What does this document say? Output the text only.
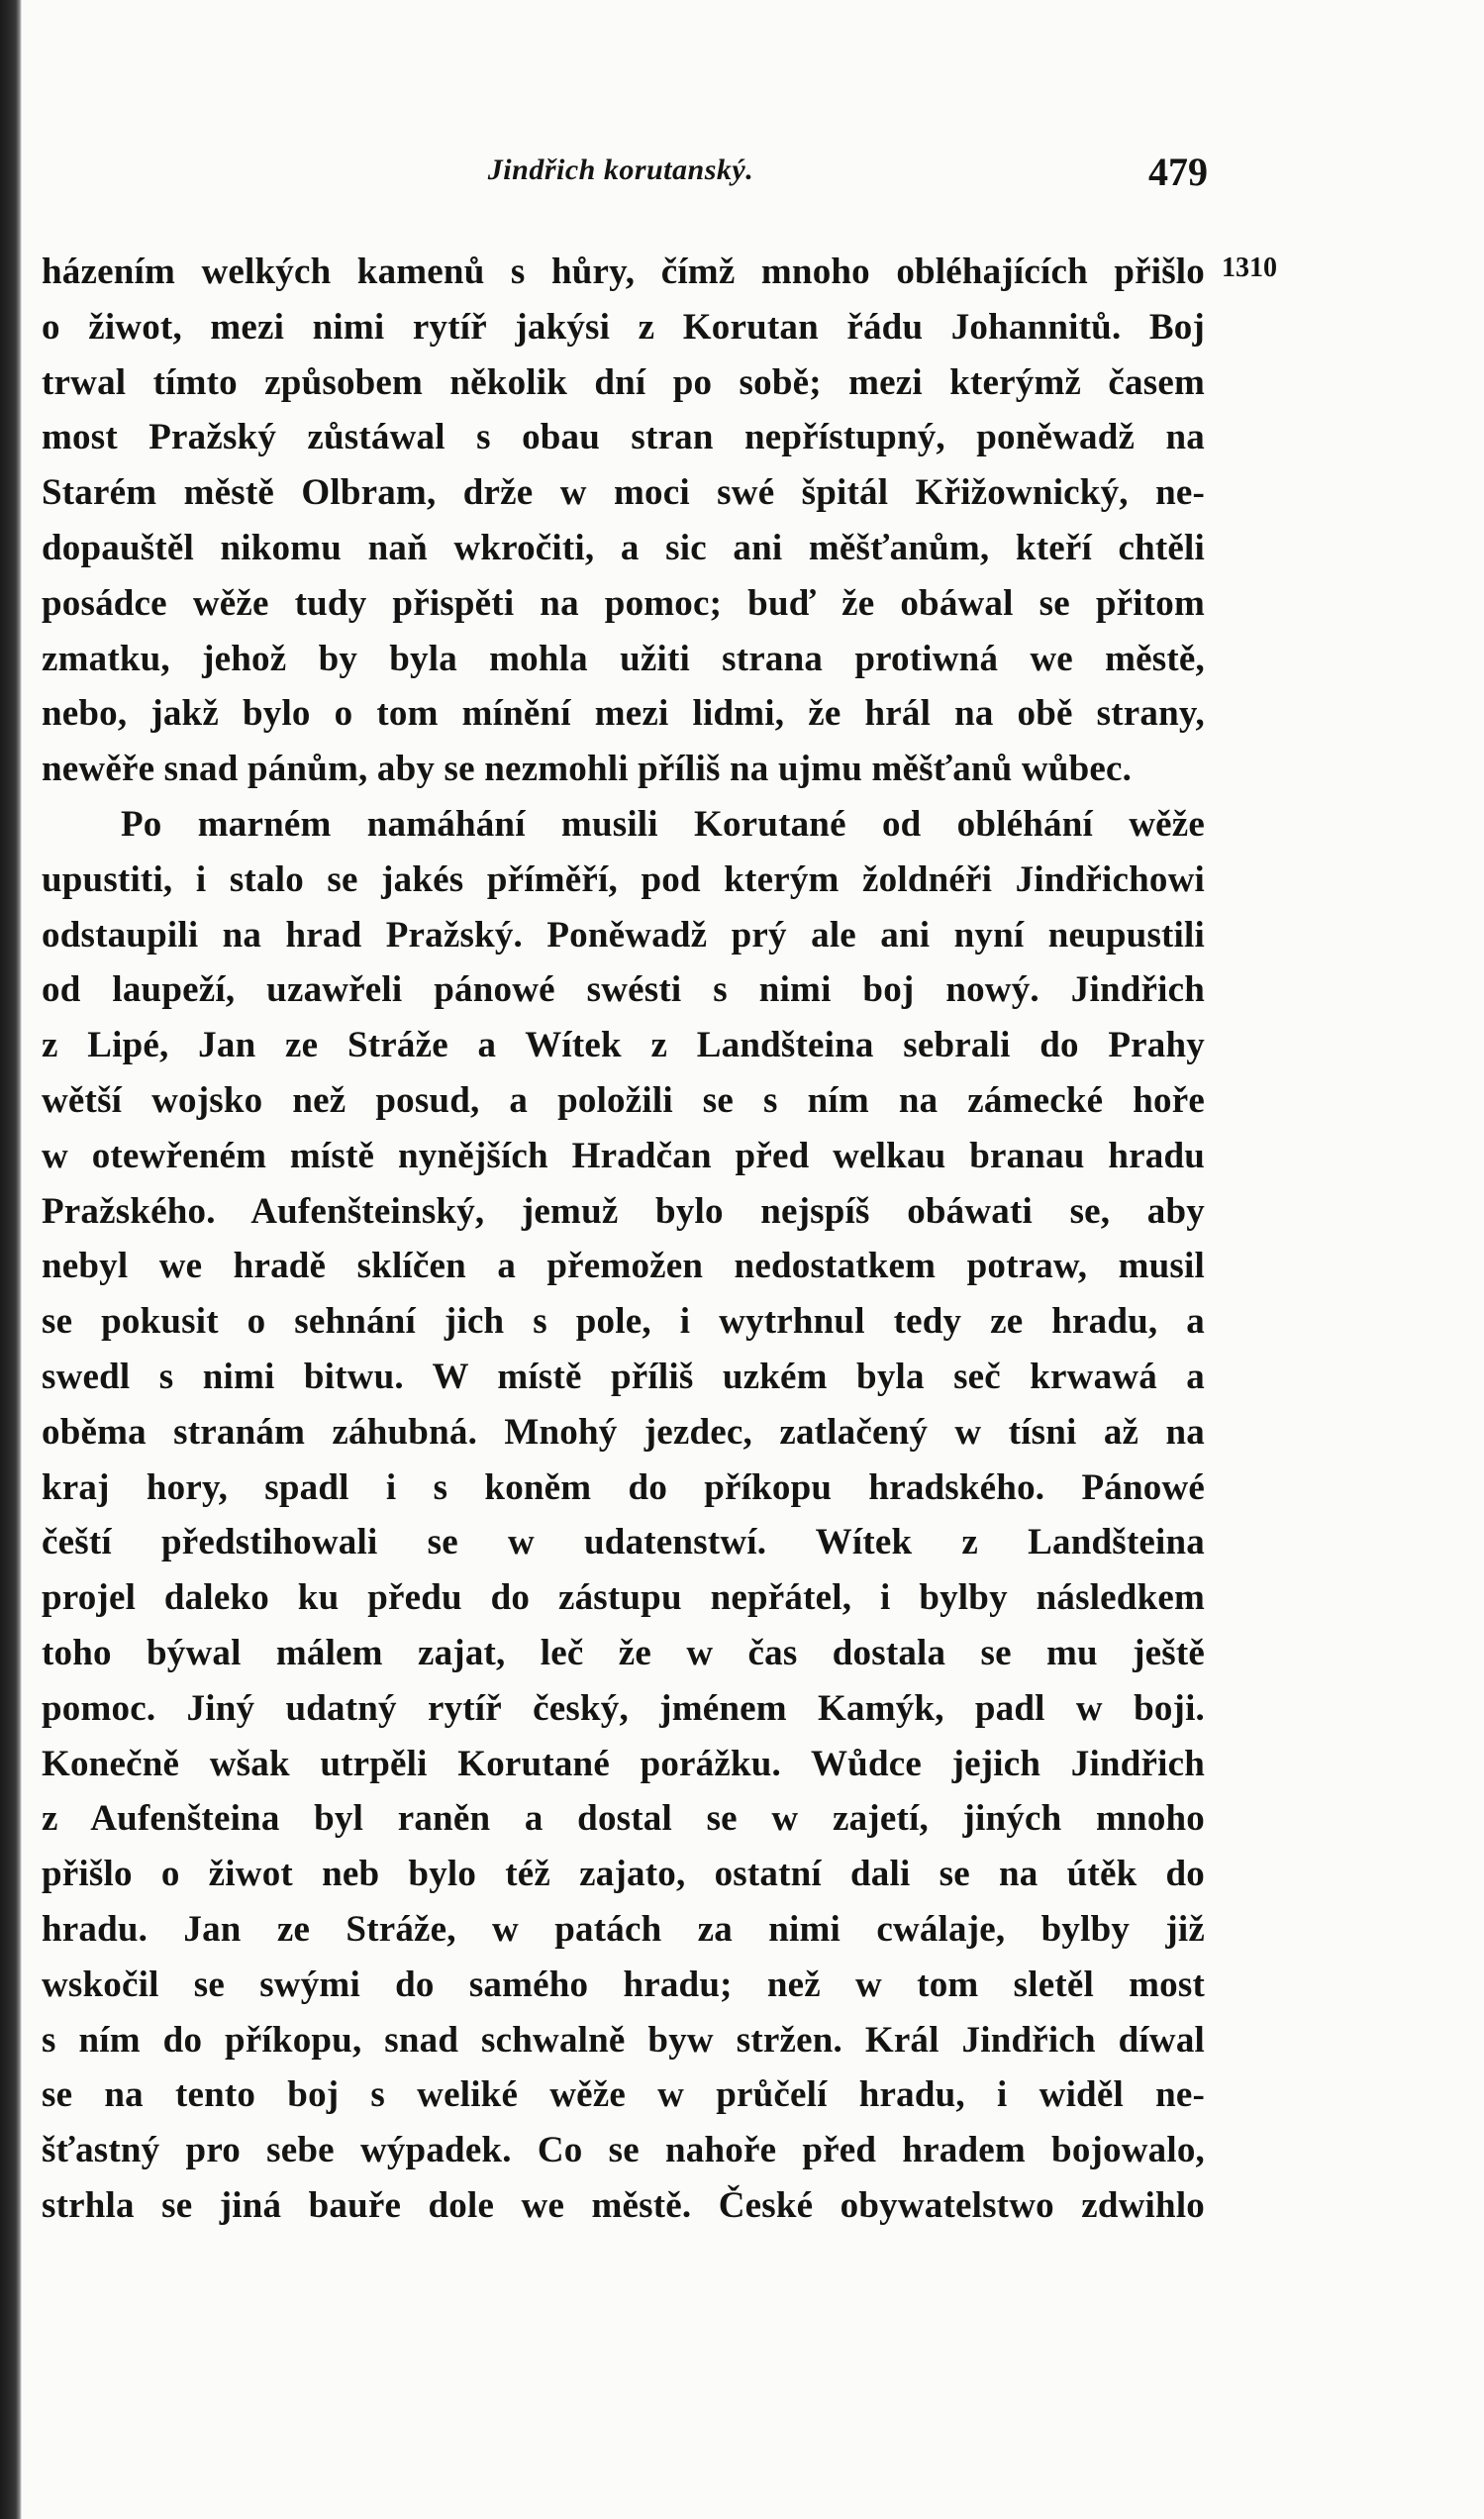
Jindřich korutanský.	479
1310
házením welkých kamenů s hůry, čímž mnoho obléhajících přišlo
o žiwot, mezi nimi rytíř jakýsi z Korutan řádu Johannitů. Boj
trwal tímto způsobem několik dní po sobě; mezi kterýmž časem
most Pražský zůstáwal s obau stran nepřístupný, poněwadž na
Starém městě Olbram, drže w moci swé špitál Křižownický, ne-
dopauštěl nikomu naň wkročiti, a sic ani měšťanům, kteří chtěli
posádce wěže tudy přispěti na pomoc; buď že obáwal se přitom
zmatku, jehož by byla mohla užiti strana protiwná we městě,
nebo, jakž bylo o tom mínění mezi lidmi, že hrál na obě strany,
newěře snad pánům, aby se nezmohli příliš na ujmu měšťanů wůbec.
Po marném namáhání musili Korutané od obléhání wěže
upustiti, i stalo se jakés příměří, pod kterým žoldnéři Jindřichowi
odstaupili na hrad Pražský. Poněwadž prý ale ani nyní neupustili
od laupeží, uzawřeli pánowé swésti s nimi boj nowý. Jindřich
z Lipé, Jan ze Stráže a Wítek z Landšteina sebrali do Prahy
wětší wojsko než posud, a položili se s ním na zámecké hoře
w otewřeném místě nynějších Hradčan před welkau branau hradu
Pražského. Aufenšteinský, jemuž bylo nejspíš obáwati se, aby
nebyl we hradě sklíčen a přemožen nedostatkem potraw, musil
se pokusit o sehnání jich s pole, i wytrhnul tedy ze hradu, a
swedl s nimi bitwu. W místě příliš uzkém byla seč krwawá a
oběma stranám záhubná. Mnohý jezdec, zatlačený w tísni až na
kraj hory, spadl i s koněm do příkopu hradského. Pánowé
čeští předstihowali se w udatenstwí. Wítek z Landšteina
projel daleko ku předu do zástupu nepřátel, i bylby následkem
toho býwal málem zajat, leč že w čas dostala se mu ještě
pomoc. Jiný udatný rytíř český, jménem Kamýk, padl w boji.
Konečně wšak utrpěli Korutané porážku. Wůdce jejich Jindřich
z Aufenšteina byl raněn a dostal se w zajetí, jiných mnoho
přišlo o žiwot neb bylo též zajato, ostatní dali se na útěk do
hradu. Jan ze Stráže, w patách za nimi cwálaje, bylby již
wskočil se swými do samého hradu; než w tom sletěl most
s ním do příkopu, snad schwalně byw stržen. Král Jindřich díwal
se na tento boj s weliké wěže w průčelí hradu, i widěl ne-
šťastný pro sebe wýpadek. Co se nahoře před hradem bojowalo,
strhla se jiná bauře dole we městě. České obywatelstwo zdwihlo
